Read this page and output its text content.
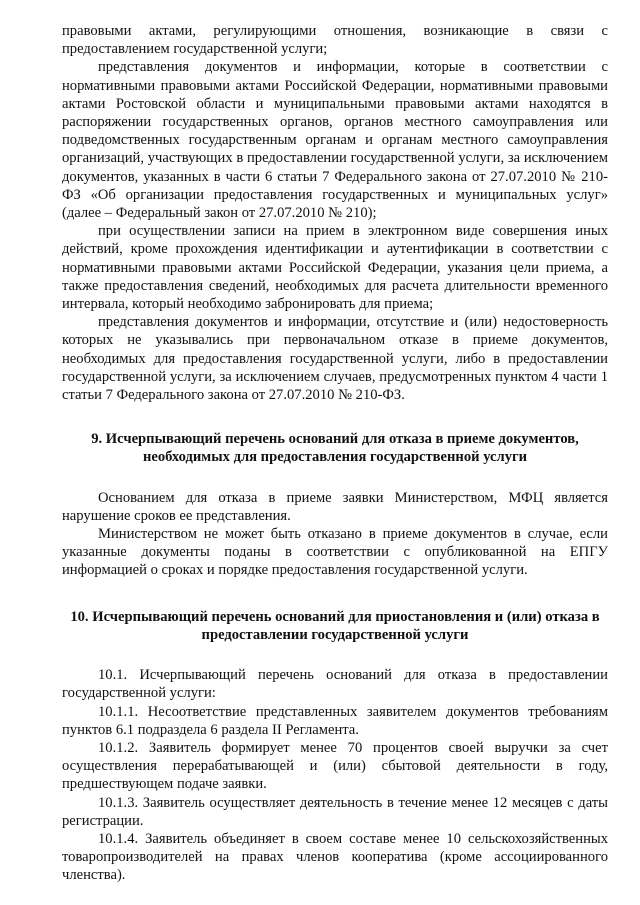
правовыми актами, регулирующими отношения, возникающие в связи с предоставлением государственной услуги;

представления документов и информации, которые в соответствии с нормативными правовыми актами Российской Федерации, нормативными правовыми актами Ростовской области и муниципальными правовыми актами находятся в распоряжении государственных органов, органов местного самоуправления или подведомственных государственным органам и органам местного самоуправления организаций, участвующих в предоставлении государственной услуги, за исключением документов, указанных в части 6 статьи 7 Федерального закона от 27.07.2010 № 210-ФЗ «Об организации предоставления государственных и муниципальных услуг» (далее – Федеральный закон от 27.07.2010 № 210);

при осуществлении записи на прием в электронном виде совершения иных действий, кроме прохождения идентификации и аутентификации в соответствии с нормативными правовыми актами Российской Федерации, указания цели приема, а также предоставления сведений, необходимых для расчета длительности временного интервала, который необходимо забронировать для приема;

представления документов и информации, отсутствие и (или) недостоверность которых не указывались при первоначальном отказе в приеме документов, необходимых для предоставления государственной услуги, либо в предоставлении государственной услуги, за исключением случаев, предусмотренных пунктом 4 части 1 статьи 7 Федерального закона от 27.07.2010 № 210-ФЗ.

9. Исчерпывающий перечень оснований для отказа в приеме документов, необходимых для предоставления государственной услуги

Основанием для отказа в приеме заявки Министерством, МФЦ является нарушение сроков ее представления.

Министерством не может быть отказано в приеме документов в случае, если указанные документы поданы в соответствии с опубликованной на ЕПГУ информацией о сроках и порядке предоставления государственной услуги.

10. Исчерпывающий перечень оснований для приостановления и (или) отказа в предоставлении государственной услуги

10.1. Исчерпывающий перечень оснований для отказа в предоставлении государственной услуги:

10.1.1. Несоответствие представленных заявителем документов требованиям пунктов 6.1 подраздела 6 раздела II Регламента.

10.1.2. Заявитель формирует менее 70 процентов своей выручки за счет осуществления перерабатывающей и (или) сбытовой деятельности в году, предшествующем подаче заявки.

10.1.3. Заявитель осуществляет деятельность в течение менее 12 месяцев с даты регистрации.

10.1.4. Заявитель объединяет в своем составе менее 10 сельскохозяйственных товаропроизводителей на правах членов кооператива (кроме ассоциированного членства).
